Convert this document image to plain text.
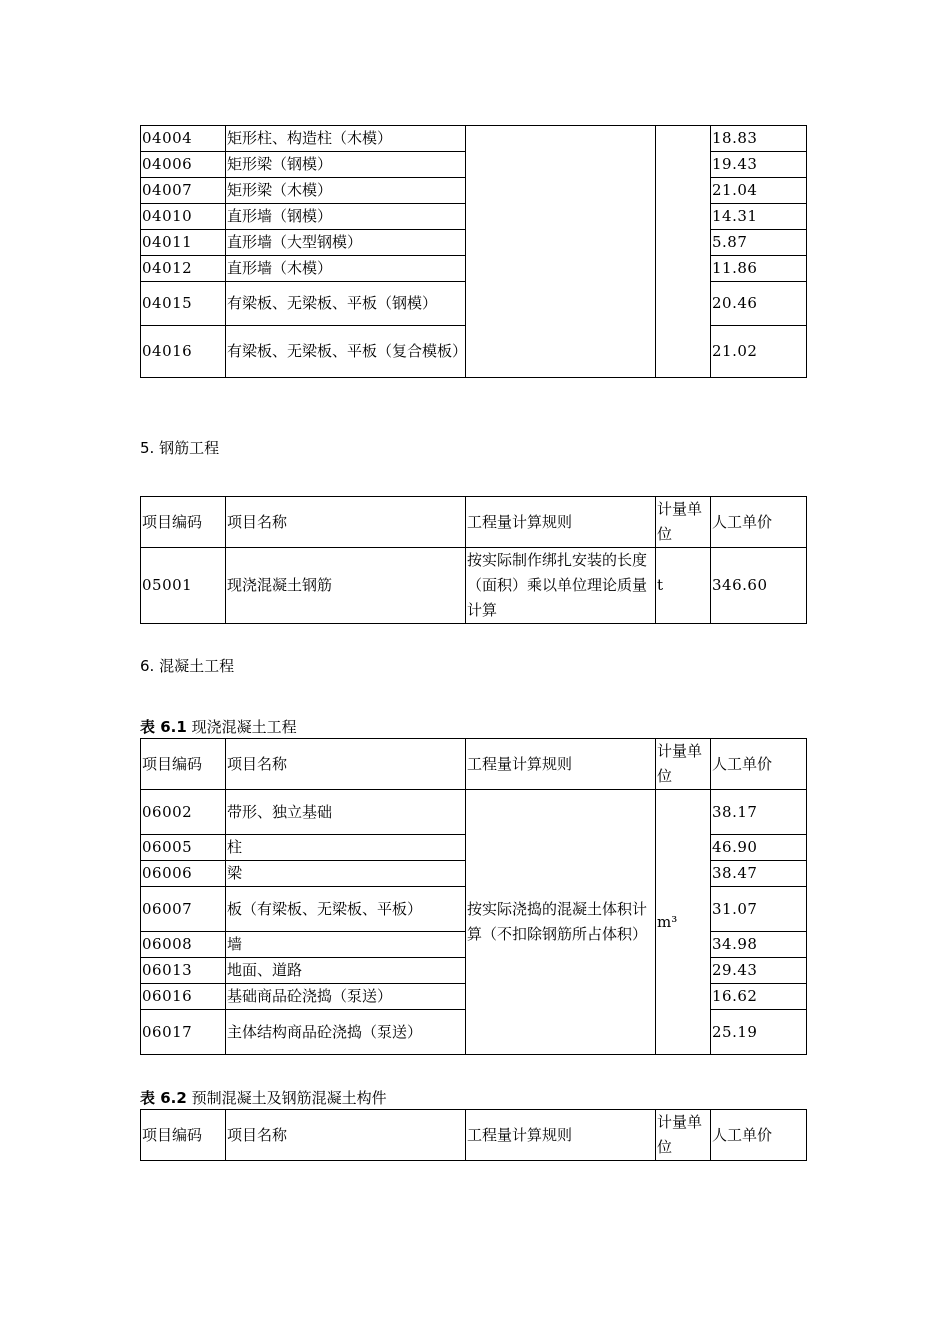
04004	矩形柱、构造柱（木模）			18.83
04006	矩形梁（钢模）			19.43
04007	矩形梁（木模）			21.04
04010	直形墙（钢模）			14.31
04011	直形墙（大型钢模）			5.87
04012	直形墙（木模）			11.86
04015	有梁板、无梁板、平板（钢模）			20.46
04016	有梁板、无梁板、平板（复合模板）			21.02
5. 钢筋工程
项目编码	项目名称	工程量计算规则	计量单位	人工单价
05001	现浇混凝土钢筋	按实际制作绑扎安装的长度（面积）乘以单位理论质量计算	t	346.60
6. 混凝土工程
表 6.1 现浇混凝土工程
项目编码	项目名称	工程量计算规则	计量单位	人工单价
06002	带形、独立基础	按实际浇捣的混凝土体积计算（不扣除钢筋所占体积）	m³	38.17
06005	柱			46.90
06006	梁			38.47
06007	板（有梁板、无梁板、平板）			31.07
06008	墙			34.98
06013	地面、道路			29.43
06016	基础商品砼浇捣（泵送）			16.62
06017	主体结构商品砼浇捣（泵送）			25.19
表 6.2 预制混凝土及钢筋混凝土构件
项目编码	项目名称	工程量计算规则	计量单位	人工单价
